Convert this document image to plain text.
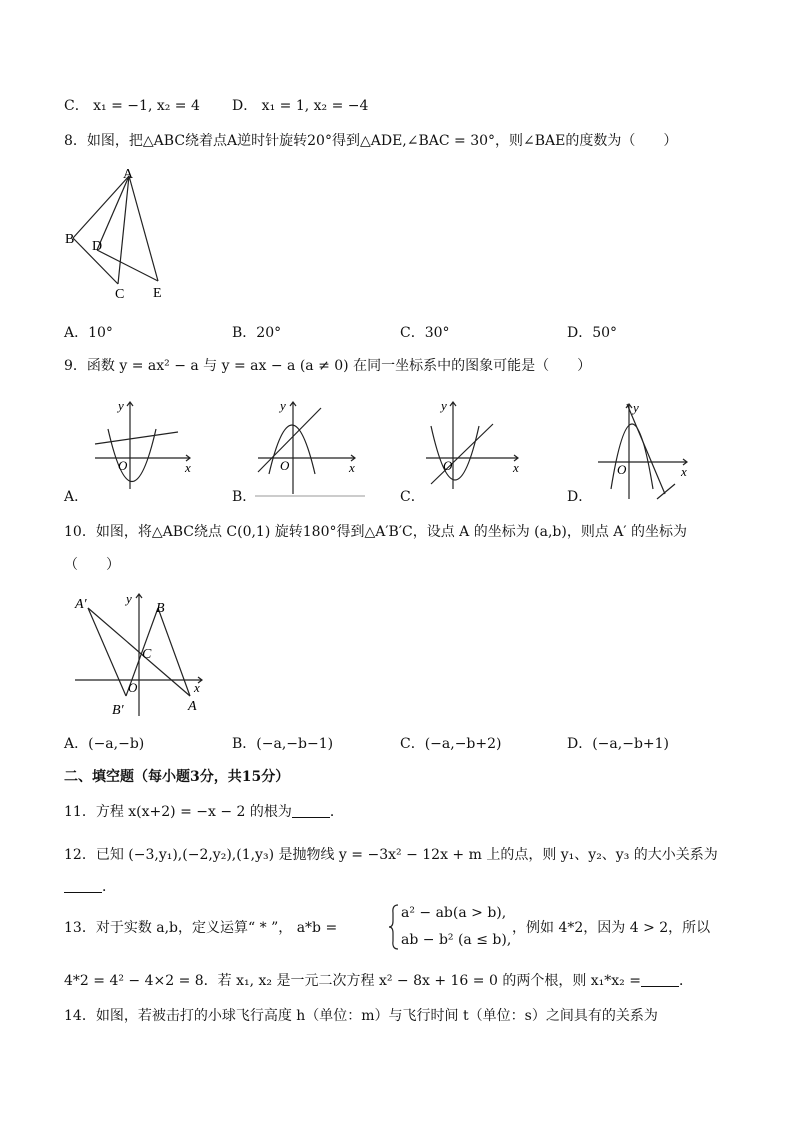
C． x₁ = −1, x₂ = 4 D． x₁ = 1, x₂ = −4
8．如图，把△ABC绕着点A逆时针旋转20°得到△ADE,∠BAC = 30°，则∠BAE的度数为（　　）
A
B D
C E
A．10°	B．20°	C．30°	D．50°
9．函数 y = ax² − a 与 y = ax − a (a ≠ 0) 在同一坐标系中的图象可能是（　　）
y
x
O
A．
y
x
O
B．
y
x
O
C．
y
x
O
D．
10．如图，将△ABC绕点 C(0,1) 旋转180°得到△A′B′C，设点 A 的坐标为 (a,b)，则点 A′ 的坐标为
（　　）
A′	y
B
C
x
O
B′	A
A．(−a,−b)	B．(−a,−b−1)	C．(−a,−b+2)	D．(−a,−b+1)
二、填空题（每小题3分，共15分）
11．方程 x(x+2) = −x − 2 的根为	．
12．已知 (−3,y₁),(−2,y₂),(1,y₃) 是抛物线 y = −3x² − 12x + m 上的点，则 y₁、y₂、y₃ 的大小关系为
．
13．对于实数 a,b，定义运算“ * ”， a*b =
a² − ab(a > b),
ab − b² (a ≤ b),
，例如 4*2，因为 4 > 2，所以
4*2 = 4² − 4×2 = 8．若 x₁, x₂ 是一元二次方程 x² − 8x + 16 = 0 的两个根，则 x₁*x₂ =	．
14．如图，若被击打的小球飞行高度 h（单位：m）与飞行时间 t（单位：s）之间具有的关系为
